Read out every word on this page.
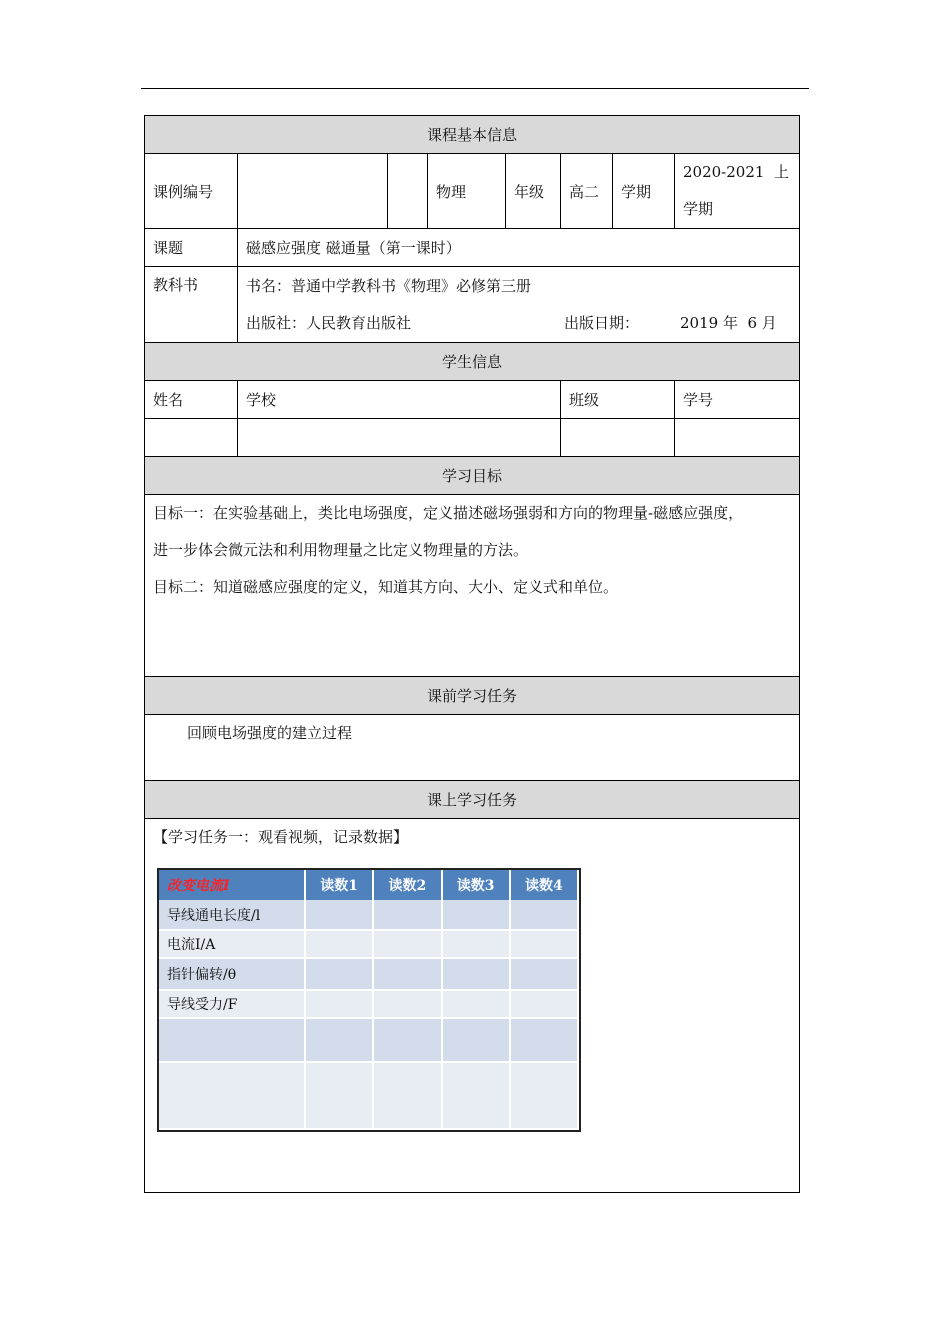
课程基本信息							
课例编号			物理	年级	高二	学期	2020-2021  上
学期

课题	磁感应强度 磁通量（第一课时）						
教科书	书名：普通中学教科书《物理》必修第三册
出版社：人民教育出版社 出版日期： 2019 年  6 月						

学生信息							
姓名	学校				班级		学号

学习目标							

目标一：在实验基础上，类比电场强度，定义描述磁场强弱和方向的物理量-磁感应强度，

进一步体会微元法和利用物理量之比定义物理量的方法。

目标二：知道磁感应强度的定义，知道其方向、大小、定义式和单位。							

课前学习任务							
回顾电场强度的建立过程							
课上学习任务							

【学习任务一：观看视频，记录数据】							
改变电流I	读数1	读数2	读数3	读数4
导线通电长度/l				
电流I/A				
指针偏转/θ				
导线受力/F				
